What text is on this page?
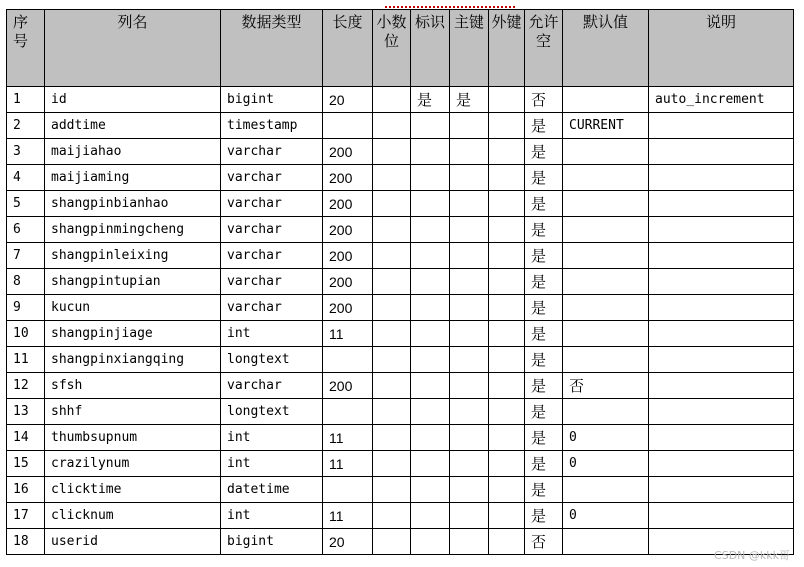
序号	列名	数据类型	长度	小数位	标识	主键	外键	允许空	默认值	说明
1	id	bigint	20		是	是		否		auto_increment
2	addtime	timestamp						是	CURRENT	
3	maijiahao	varchar	200					是		
4	maijiaming	varchar	200					是		
5	shangpinbianhao	varchar	200					是		
6	shangpinmingcheng	varchar	200					是		
7	shangpinleixing	varchar	200					是		
8	shangpintupian	varchar	200					是		
9	kucun	varchar	200					是		
10	shangpinjiage	int	11					是		
11	shangpinxiangqing	longtext						是		
12	sfsh	varchar	200					是	否	
13	shhf	longtext						是		
14	thumbsupnum	int	11					是	0	
15	crazilynum	int	11					是	0	
16	clicktime	datetime						是		
17	clicknum	int	11					是	0	
18	userid	bigint	20					否		
CSDN @kkk哥
